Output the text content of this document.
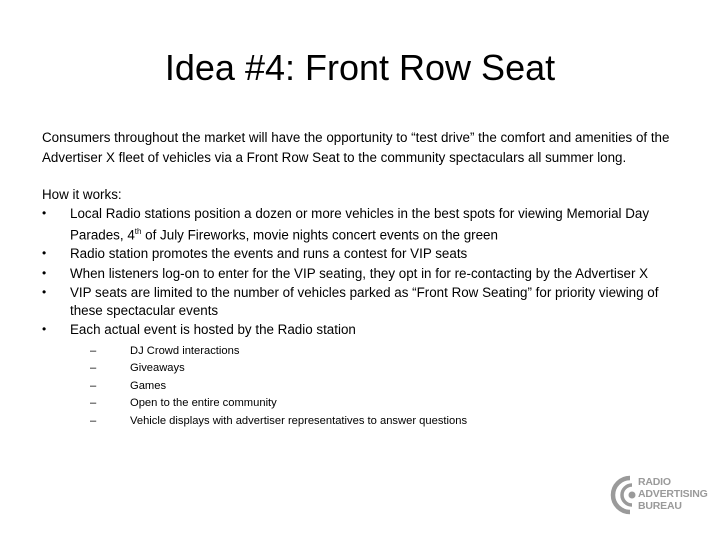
Idea #4: Front Row Seat

Consumers throughout the market will have the opportunity to “test drive” the comfort and amenities of the Advertiser X fleet of vehicles via a Front Row Seat to the community spectaculars all summer long.

How it works:

• Local Radio stations position a dozen or more vehicles in the best spots for viewing Memorial Day Parades, 4th of July Fireworks, movie nights concert events on the green
• Radio station promotes the events and runs a contest for VIP seats
• When listeners log-on to enter for the VIP seating, they opt in for re-contacting by the Advertiser X
• VIP seats are limited to the number of vehicles parked as “Front Row Seating” for priority viewing of these spectacular events
• Each actual event is hosted by the Radio station
–	DJ Crowd interactions
–	Giveaways
–	Games
–	Open to the entire community
–	Vehicle displays with advertiser representatives to answer questions
RADIO
ADVERTISING
BUREAU
